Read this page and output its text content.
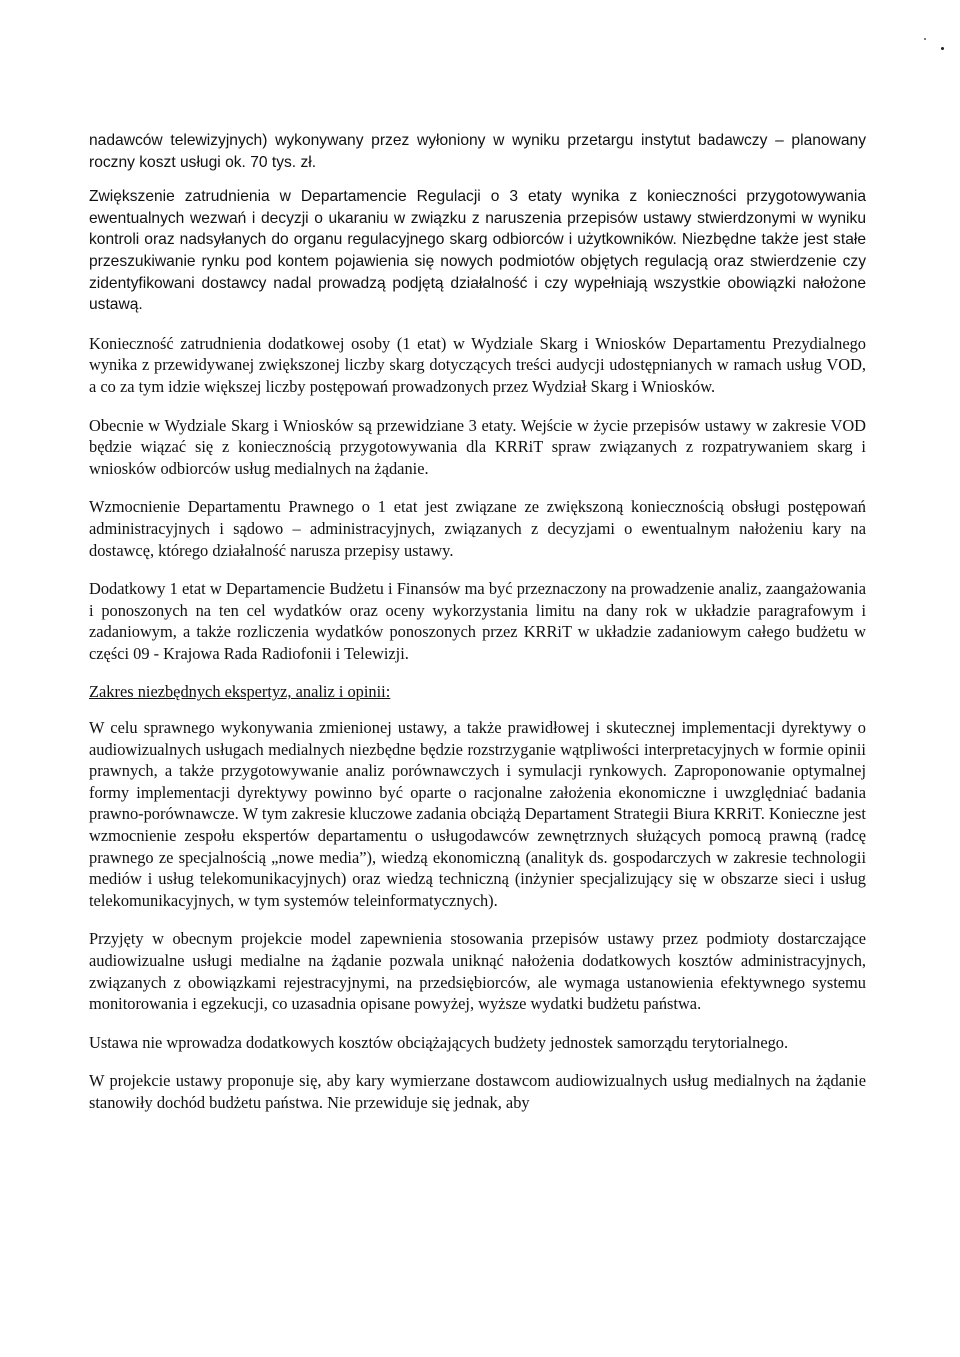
nadawców telewizyjnych) wykonywany przez wyłoniony w wyniku przetargu instytut badawczy – planowany roczny koszt usługi ok. 70 tys. zł.

Zwiększenie zatrudnienia w Departamencie Regulacji o 3 etaty wynika z konieczności przygotowywania ewentualnych wezwań i decyzji o ukaraniu w związku z naruszenia przepisów ustawy stwierdzonymi w wyniku kontroli oraz nadsyłanych do organu regulacyjnego skarg odbiorców i użytkowników. Niezbędne także jest stałe przeszukiwanie rynku pod kontem pojawienia się nowych podmiotów objętych regulacją oraz stwierdzenie czy zidentyfikowani dostawcy nadal prowadzą podjętą działalność i czy wypełniają wszystkie obowiązki nałożone ustawą.

Konieczność zatrudnienia dodatkowej osoby (1 etat) w Wydziale Skarg i Wniosków Departamentu Prezydialnego wynika z przewidywanej zwiększonej liczby skarg dotyczących treści audycji udostępnianych w ramach usług VOD, a co za tym idzie większej liczby postępowań prowadzonych przez Wydział Skarg i Wniosków.

Obecnie w Wydziale Skarg i Wniosków są przewidziane 3 etaty. Wejście w życie przepisów ustawy w zakresie VOD będzie wiązać się z koniecznością przygotowywania dla KRRiT spraw związanych z rozpatrywaniem skarg i wniosków odbiorców usług medialnych na żądanie.

Wzmocnienie Departamentu Prawnego o 1 etat jest związane ze zwiększoną koniecznością obsługi postępowań administracyjnych i sądowo – administracyjnych, związanych z decyzjami o ewentualnym nałożeniu kary na dostawcę, którego działalność narusza przepisy ustawy.

Dodatkowy 1 etat w Departamencie Budżetu i Finansów ma być przeznaczony na prowadzenie analiz, zaangażowania i ponoszonych na ten cel wydatków oraz oceny wykorzystania limitu na dany rok w układzie paragrafowym i zadaniowym, a także rozliczenia wydatków ponoszonych przez KRRiT w układzie zadaniowym całego budżetu w części 09 - Krajowa Rada Radiofonii i Telewizji.

Zakres niezbędnych ekspertyz, analiz i opinii:

W celu sprawnego wykonywania zmienionej ustawy, a także prawidłowej i skutecznej implementacji dyrektywy o audiowizualnych usługach medialnych niezbędne będzie rozstrzyganie wątpliwości interpretacyjnych w formie opinii prawnych, a także przygotowywanie analiz porównawczych i symulacji rynkowych. Zaproponowanie optymalnej formy implementacji dyrektywy powinno być oparte o racjonalne założenia ekonomiczne i uwzględniać badania prawno-porównawcze. W tym zakresie kluczowe zadania obciążą Departament Strategii Biura KRRiT. Konieczne jest wzmocnienie zespołu ekspertów departamentu o usługodawców zewnętrznych służących pomocą prawną (radcę prawnego ze specjalnością „nowe media”), wiedzą ekonomiczną (analityk ds. gospodarczych w zakresie technologii mediów i usług telekomunikacyjnych) oraz wiedzą techniczną (inżynier specjalizujący się w obszarze sieci i usług telekomunikacyjnych, w tym systemów teleinformatycznych).

Przyjęty w obecnym projekcie model zapewnienia stosowania przepisów ustawy przez podmioty dostarczające audiowizualne usługi medialne na żądanie pozwala uniknąć nałożenia dodatkowych kosztów administracyjnych, związanych z obowiązkami rejestracyjnymi, na przedsiębiorców, ale wymaga ustanowienia efektywnego systemu monitorowania i egzekucji, co uzasadnia opisane powyżej, wyższe wydatki budżetu państwa.

Ustawa nie wprowadza dodatkowych kosztów obciążających budżety jednostek samorządu terytorialnego.

W projekcie ustawy proponuje się, aby kary wymierzane dostawcom audiowizualnych usług medialnych na żądanie stanowiły dochód budżetu państwa. Nie przewiduje się jednak, aby
